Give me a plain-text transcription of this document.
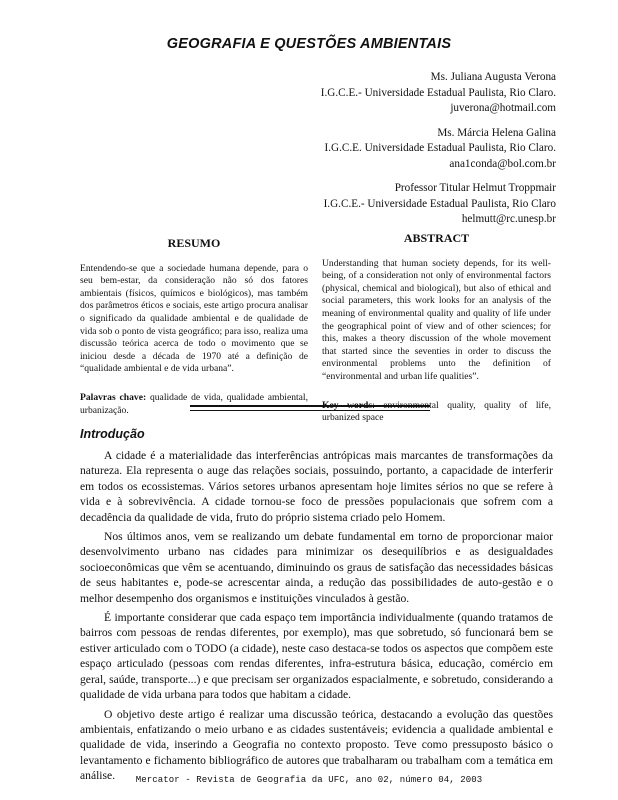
GEOGRAFIA E QUESTÕES AMBIENTAIS
Ms. Juliana Augusta Verona
I.G.C.E.- Universidade Estadual Paulista, Rio Claro.
juverona@hotmail.com
Ms. Márcia Helena Galina
I.G.C.E. Universidade Estadual Paulista, Rio Claro.
ana1conda@bol.com.br
Professor Titular Helmut Troppmair
I.G.C.E.- Universidade Estadual Paulista, Rio Claro
helmutt@rc.unesp.br
RESUMO
Entendendo-se que a sociedade humana depende, para o seu bem-estar, da consideração não só dos fatores ambientais (físicos, químicos e biológicos), mas também dos parâmetros éticos e sociais, este artigo procura analisar o significado da qualidade ambiental e de qualidade de vida sob o ponto de vista geográfico; para isso, realiza uma discussão teórica acerca de todo o movimento que se iniciou desde a década de 1970 até a definição de “qualidade ambiental e de vida urbana”.
Palavras chave: qualidade de vida, qualidade ambiental, urbanização.
ABSTRACT
Understanding that human society depends, for its well-being, of a consideration not only of environmental factors (physical, chemical and biological), but also of ethical and social parameters, this work looks for an analysis of the meaning of environmental quality and quality of life under the geographical point of view and of other sciences; for this, makes a theory discussion of the whole movement that started since the seventies in order to discuss the environmental problems unto the definition of “environmental and urban life qualities”.
Key words: environmental quality, quality of life, urbanized space
Introdução

A cidade é a materialidade das interferências antrópicas mais marcantes de transformações da natureza. Ela representa o auge das relações sociais, possuindo, portanto, a capacidade de interferir em todos os ecossistemas. Vários setores urbanos apresentam hoje limites sérios no que se refere à vida e à sobrevivência. A cidade tornou-se foco de pressões populacionais que sofrem com a decadência da qualidade de vida, fruto do próprio sistema criado pelo Homem.

Nos últimos anos, vem se realizando um debate fundamental em torno de proporcionar maior desenvolvimento urbano nas cidades para minimizar os desequilíbrios e as desigualdades socioeconômicas que vêm se acentuando, diminuindo os graus de satisfação das necessidades básicas de seus habitantes e, pode-se acrescentar ainda, a redução das possibilidades de auto-gestão e o melhor desempenho dos organismos e instituições vinculados à gestão.

É importante considerar que cada espaço tem importância individualmente (quando tratamos de bairros com pessoas de rendas diferentes, por exemplo), mas que sobretudo, só funcionará bem se estiver articulado com o TODO (a cidade), neste caso destaca-se todos os aspectos que compõem este espaço articulado (pessoas com rendas diferentes, infra-estrutura básica, educação, comércio em geral, saúde, transporte...) e que precisam ser organizados espacialmente, e sobretudo, considerando a qualidade de vida urbana para todos que habitam a cidade.

O objetivo deste artigo é realizar uma discussão teórica, destacando a evolução das questões ambientais, enfatizando o meio urbano e as cidades sustentáveis; evidencia a qualidade ambiental e qualidade de vida, inserindo a Geografia no contexto proposto. Teve como pressuposto básico o levantamento e fichamento bibliográfico de autores que trabalharam ou trabalham com a temática em análise.	Mercator - Revista de Geografia da UFC, ano 02, número 04, 2003
